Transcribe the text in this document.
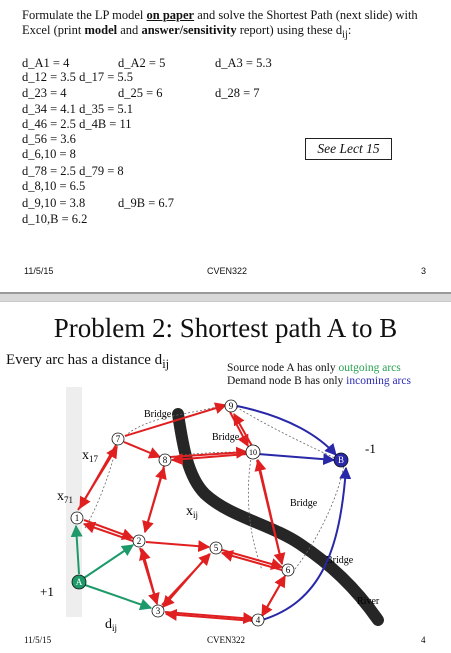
Formulate the LP model on paper and solve the Shortest Path (next slide) with Excel (print model and answer/sensitivity report) using these $d_{ij}$:
d_A1 = 4	d_A2 = 5	d_A3 = 5.3
d_12 = 3.5 d_17 = 5.5
d_23 = 4	d_25 = 6	d_28 = 7
d_34 = 4.1 d_35 = 5.1
d_46 = 2.5 d_4B = 11
d_56 = 3.6
d_6,10 = 8
d_78 = 2.5 d_79 = 8
d_8,10 = 6.5
d_9,10 = 3.8	d_9B = 6.7
d_10,B = 6.2
See Lect 15
11/5/15	CVEN322	3
Problem 2: Shortest path A to B
Every arc has a distance $d_{ij}$	Source node A has only outgoing arcs
Demand node B has only incoming arcs
Bridge
Bridge
Bridge
Bridge
River
A
1
2
3
4
5
6
7
8
9
10
B
$x_{17}$
$x_{71}$
$x_{ij}$
$d_{ij}$
+1
-1
11/5/15	CVEN322	4
